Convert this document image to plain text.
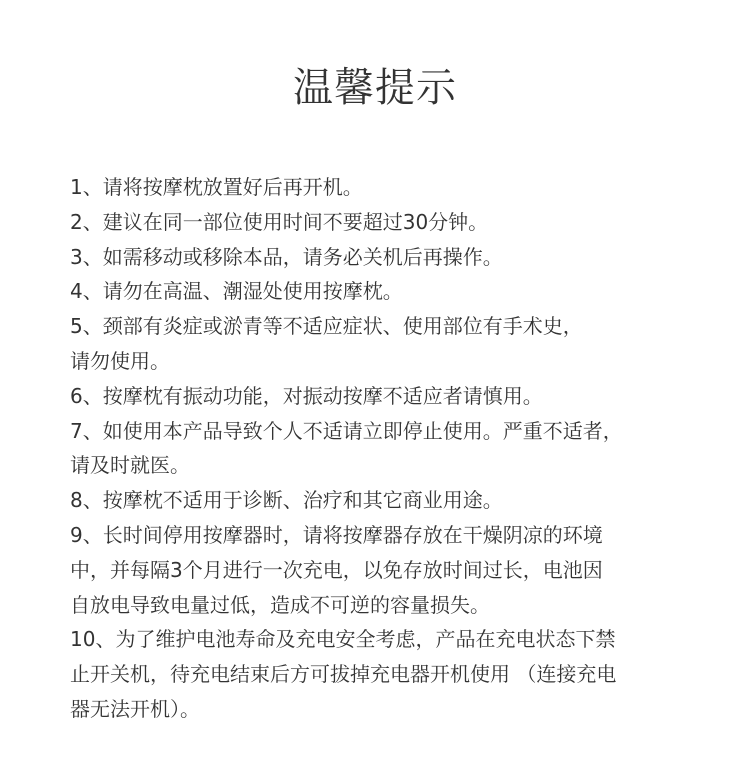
温馨提示
1、请将按摩枕放置好后再开机。
2、建议在同一部位使用时间不要超过30分钟。
3、如需移动或移除本品，请务必关机后再操作。
4、请勿在高温、潮湿处使用按摩枕。
5、颈部有炎症或淤青等不适应症状、使用部位有手术史，
请勿使用。
6、按摩枕有振动功能，对振动按摩不适应者请慎用。
7、如使用本产品导致个人不适请立即停止使用。严重不适者，
请及时就医。
8、按摩枕不适用于诊断、治疗和其它商业用途。
9、长时间停用按摩器时，请将按摩器存放在干燥阴凉的环境
中，并每隔3个月进行一次充电，以免存放时间过长，电池因
自放电导致电量过低，造成不可逆的容量损失。
10、为了维护电池寿命及充电安全考虑，产品在充电状态下禁
止开关机，待充电结束后方可拔掉充电器开机使用 （连接充电
器无法开机）。
